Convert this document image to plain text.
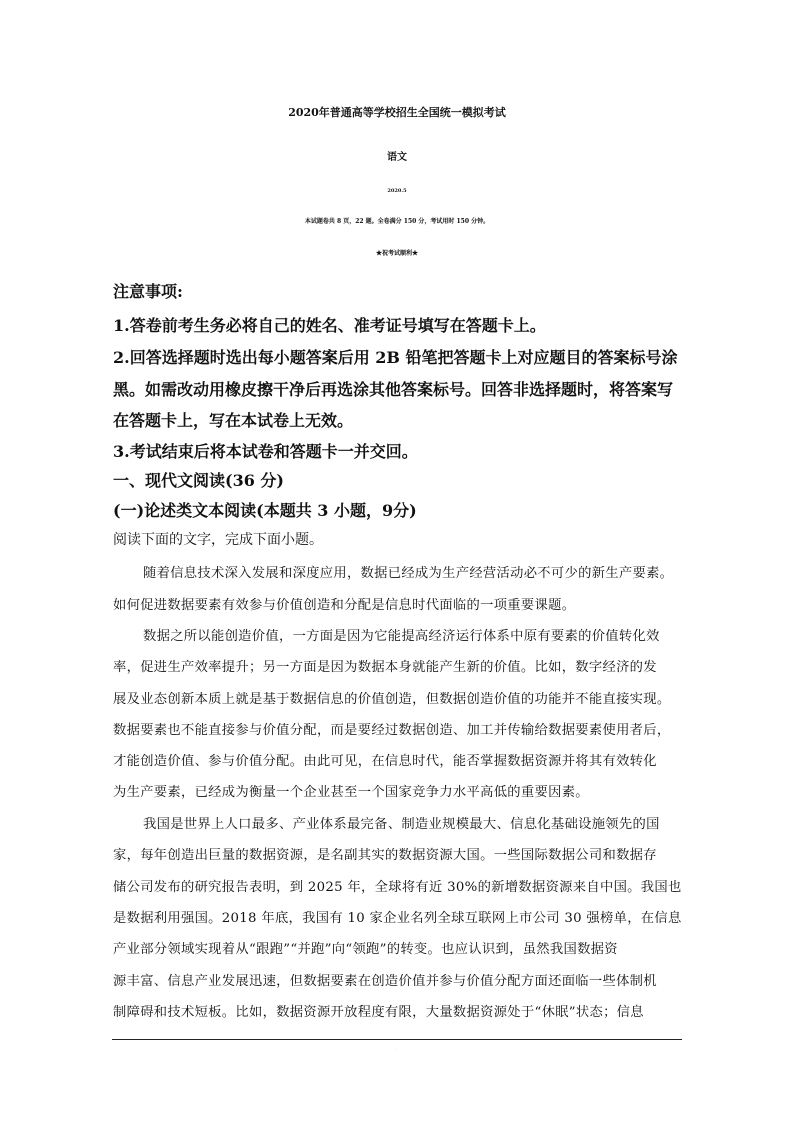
2020年普通高等学校招生全国统一模拟考试
语文
2020.5
本试题卷共 8 页，22 题。全卷满分 150 分，考试用时 150 分钟。
★祝考试顺利★
注意事项:
1.答卷前考生务必将自己的姓名、准考证号填写在答题卡上。
2.回答选择题时选出每小题答案后用 2B 铅笔把答题卡上对应题目的答案标号涂
黑。如需改动用橡皮擦干净后再选涂其他答案标号。回答非选择题时，将答案写
在答题卡上，写在本试卷上无效。
3.考试结束后将本试卷和答题卡一并交回。
一、现代文阅读(36 分)
(一)论述类文本阅读(本题共 3 小题，9分)
阅读下面的文字，完成下面小题。
随着信息技术深入发展和深度应用，数据已经成为生产经营活动必不可少的新生产要素。
如何促进数据要素有效参与价值创造和分配是信息时代面临的一项重要课题。
数据之所以能创造价值，一方面是因为它能提高经济运行体系中原有要素的价值转化效
率，促进生产效率提升；另一方面是因为数据本身就能产生新的价值。比如，数字经济的发
展及业态创新本质上就是基于数据信息的价值创造，但数据创造价值的功能并不能直接实现。
数据要素也不能直接参与价值分配，而是要经过数据创造、加工并传输给数据要素使用者后，
才能创造价值、参与价值分配。由此可见，在信息时代，能否掌握数据资源并将其有效转化
为生产要素，已经成为衡量一个企业甚至一个国家竞争力水平高低的重要因素。
我国是世界上人口最多、产业体系最完备、制造业规模最大、信息化基础设施领先的国
家，每年创造出巨量的数据资源，是名副其实的数据资源大国。一些国际数据公司和数据存
储公司发布的研究报告表明，到 2025 年，全球将有近 30%的新增数据资源来自中国。我国也
是数据利用强国。2018 年底，我国有 10 家企业名列全球互联网上市公司 30 强榜单，在信息
产业部分领域实现着从“跟跑”“并跑”向“领跑”的转变。也应认识到，虽然我国数据资
源丰富、信息产业发展迅速，但数据要素在创造价值并参与价值分配方面还面临一些体制机
制障碍和技术短板。比如，数据资源开放程度有限，大量数据资源处于“休眠”状态；信息
- 1 -
